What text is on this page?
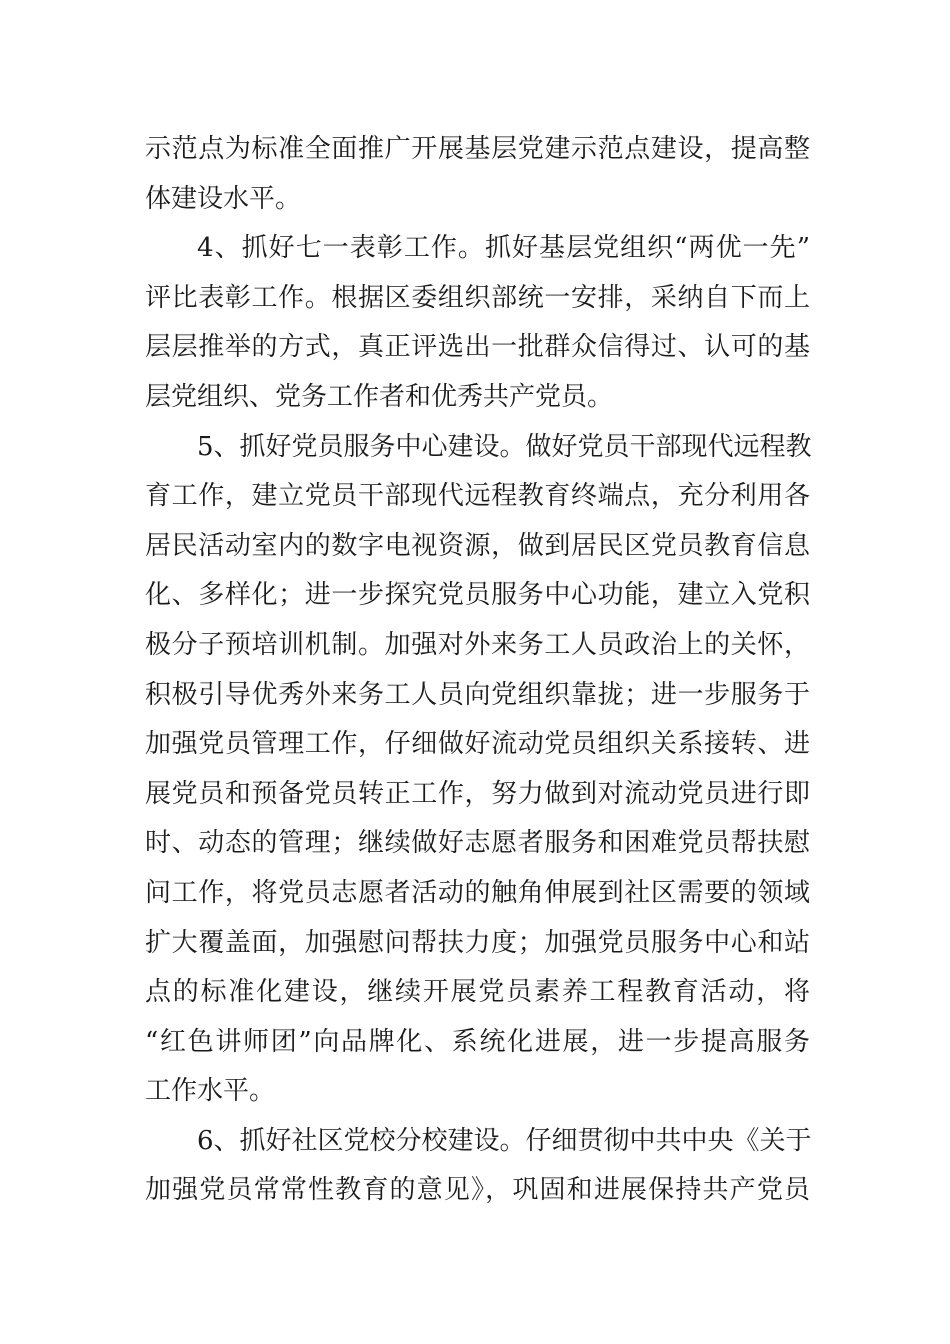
示范点为标准全面推广开展基层党建示范点建设，提高整
体建设水平。
4、抓好七一表彰工作。抓好基层党组织“两优一先”
评比表彰工作。根据区委组织部统一安排，采纳自下而上
层层推举的方式，真正评选出一批群众信得过、认可的基
层党组织、党务工作者和优秀共产党员。
5、抓好党员服务中心建设。做好党员干部现代远程教
育工作，建立党员干部现代远程教育终端点，充分利用各
居民活动室内的数字电视资源，做到居民区党员教育信息
化、多样化；进一步探究党员服务中心功能，建立入党积
极分子预培训机制。加强对外来务工人员政治上的关怀，
积极引导优秀外来务工人员向党组织靠拢；进一步服务于
加强党员管理工作，仔细做好流动党员组织关系接转、进
展党员和预备党员转正工作，努力做到对流动党员进行即
时、动态的管理；继续做好志愿者服务和困难党员帮扶慰
问工作，将党员志愿者活动的触角伸展到社区需要的领域
扩大覆盖面，加强慰问帮扶力度；加强党员服务中心和站
点的标准化建设，继续开展党员素养工程教育活动，将
“红色讲师团”向品牌化、系统化进展，进一步提高服务
工作水平。
6、抓好社区党校分校建设。仔细贯彻中共中央《关于
加强党员常常性教育的意见》，巩固和进展保持共产党员
